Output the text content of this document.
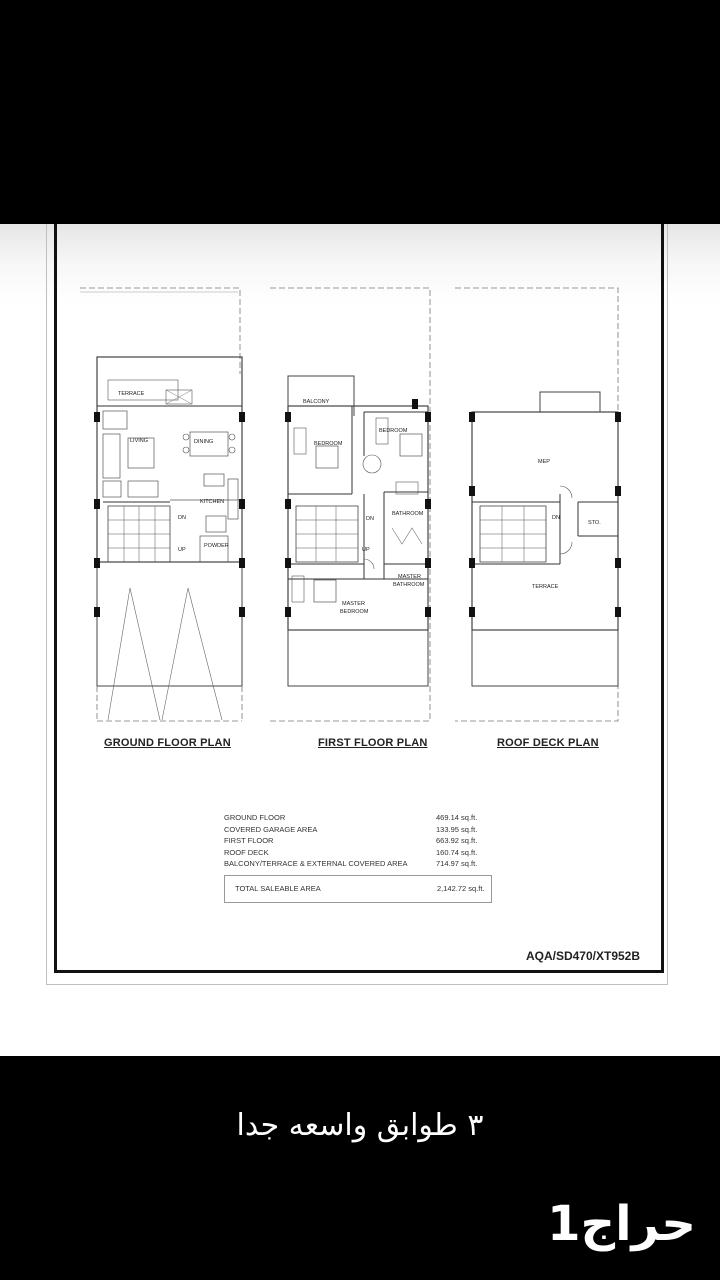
TERRACE
LIVING	DINING
KITCHEN
DN
UP
POWDER
BALCONY
BEDROOM
BEDROOM
DN
BATHROOM
UP
MASTER
BATHROOM
MASTER
BEDROOM
MEP
DN
STO.
TERRACE
GROUND FLOOR PLAN	FIRST FLOOR PLAN	ROOF DECK PLAN
GROUND FLOOR	469.14 sq.ft.
COVERED GARAGE AREA	133.95 sq.ft.
FIRST FLOOR	663.92 sq.ft.
ROOF DECK	160.74 sq.ft.
BALCONY/TERRACE & EXTERNAL COVERED AREA	714.97 sq.ft.
TOTAL SALEABLE AREA	2,142.72 sq.ft.
AQA/SD470/XT952B
٣ طوابق واسعه جدا
حراج1
